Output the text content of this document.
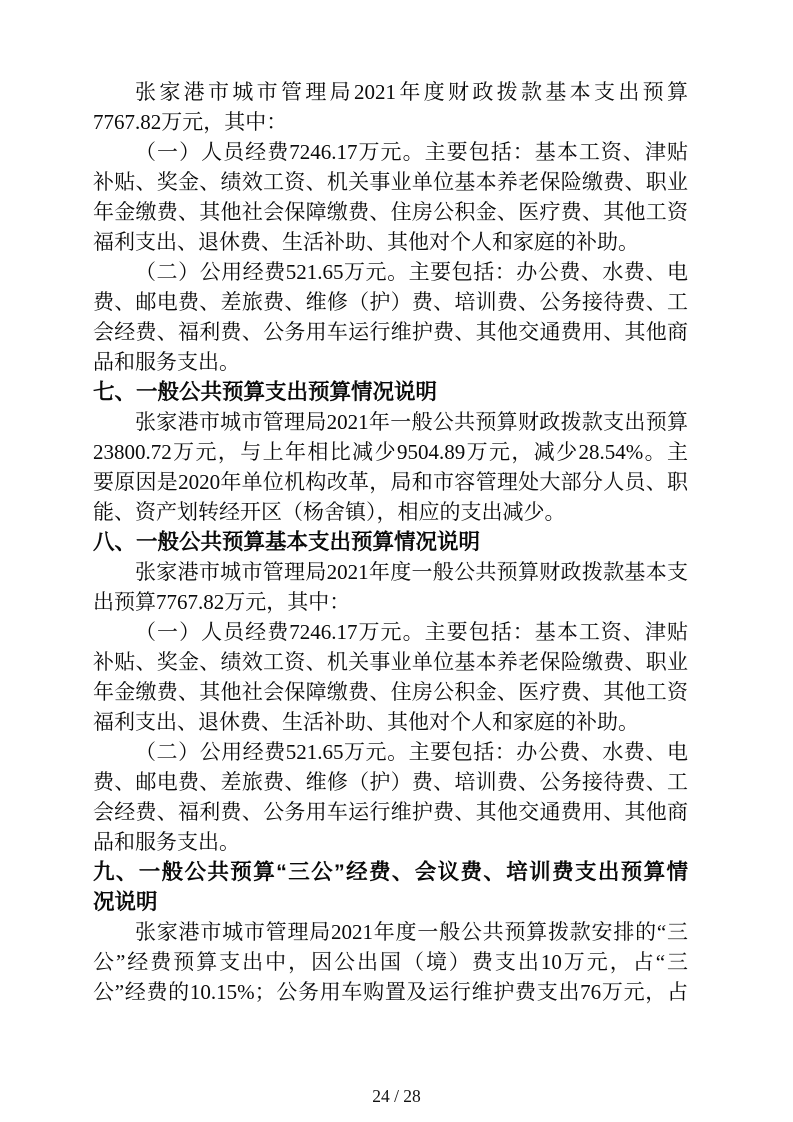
张家港市城市管理局2021年度财政拨款基本支出预算
7767.82万元，其中：
（一）人员经费7246.17万元。主要包括：基本工资、津贴
补贴、奖金、绩效工资、机关事业单位基本养老保险缴费、职业
年金缴费、其他社会保障缴费、住房公积金、医疗费、其他工资
福利支出、退休费、生活补助、其他对个人和家庭的补助。
（二）公用经费521.65万元。主要包括：办公费、水费、电
费、邮电费、差旅费、维修（护）费、培训费、公务接待费、工
会经费、福利费、公务用车运行维护费、其他交通费用、其他商
品和服务支出。
七、一般公共预算支出预算情况说明
张家港市城市管理局2021年一般公共预算财政拨款支出预算
23800.72万元，与上年相比减少9504.89万元，减少28.54%。主
要原因是2020年单位机构改革，局和市容管理处大部分人员、职
能、资产划转经开区（杨舍镇），相应的支出减少。
八、一般公共预算基本支出预算情况说明
张家港市城市管理局2021年度一般公共预算财政拨款基本支
出预算7767.82万元，其中：
（一）人员经费7246.17万元。主要包括：基本工资、津贴
补贴、奖金、绩效工资、机关事业单位基本养老保险缴费、职业
年金缴费、其他社会保障缴费、住房公积金、医疗费、其他工资
福利支出、退休费、生活补助、其他对个人和家庭的补助。
（二）公用经费521.65万元。主要包括：办公费、水费、电
费、邮电费、差旅费、维修（护）费、培训费、公务接待费、工
会经费、福利费、公务用车运行维护费、其他交通费用、其他商
品和服务支出。
九、一般公共预算“三公”经费、会议费、培训费支出预算情
况说明
张家港市城市管理局2021年度一般公共预算拨款安排的“三
公”经费预算支出中，因公出国（境）费支出10万元，占“三
公”经费的10.15%；公务用车购置及运行维护费支出76万元，占
24 / 28
